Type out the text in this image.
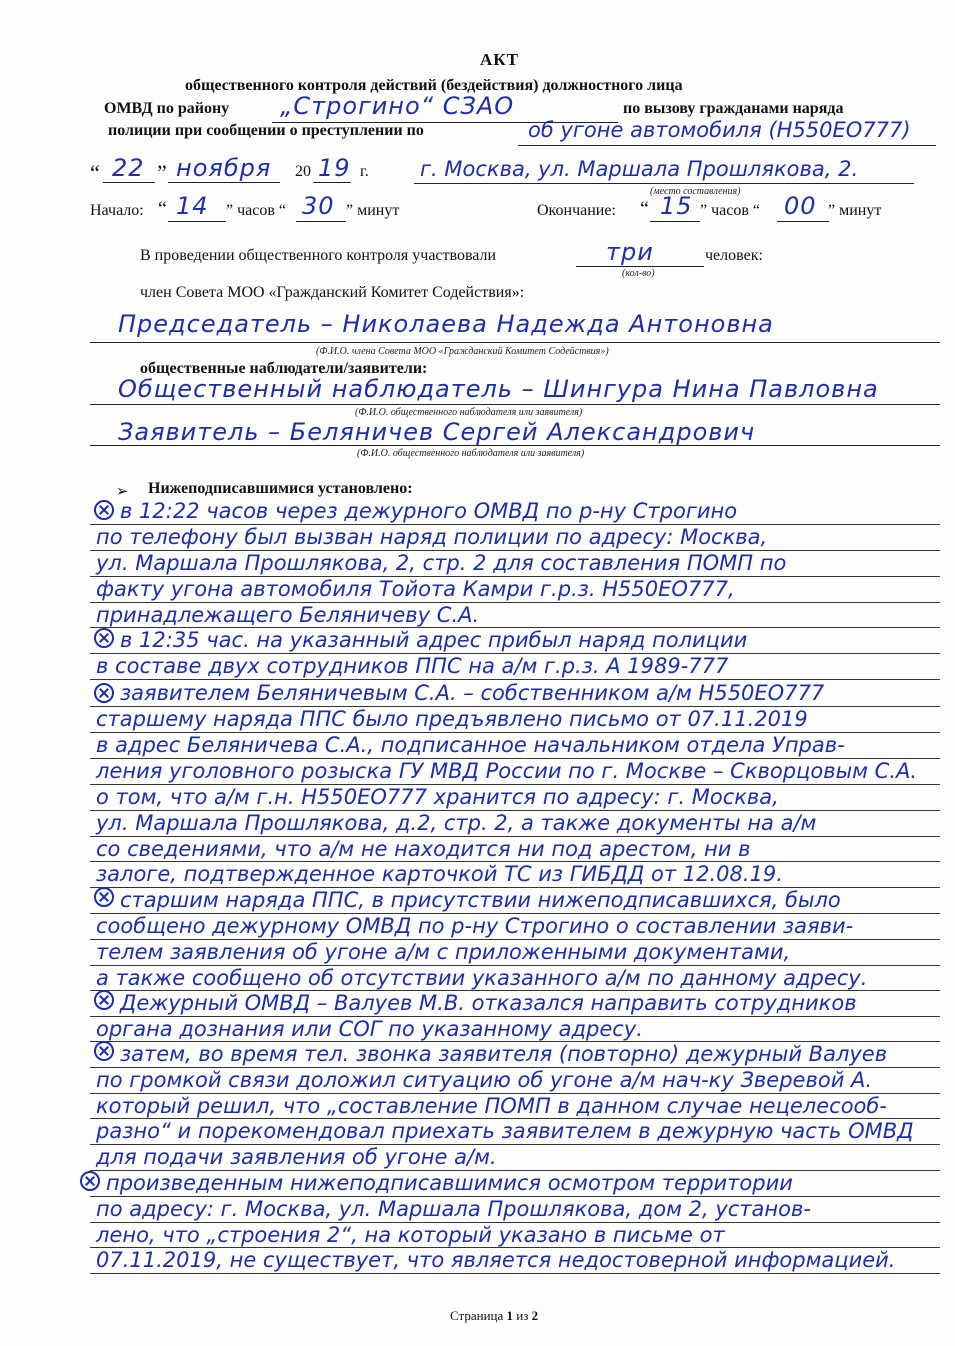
АКТ
общественного контроля действий (бездействия) должностного лица
ОМВД по району „Строгино“ СЗАО	по вызову гражданами наряда
полиции при сообщении о преступлении по	об угоне автомобиля (Н550ЕО777)
“ 22 ” ноября 20 19 г. г. Москва, ул. Маршала Прошлякова, 2.
(место составления)
Начало: “ 14 ” часов “ 30 ” минут	Окончание: “ 15 ” часов “ 00 ” минут
В проведении общественного контроля участвовали	три	человек:
(кол-во)
член Совета МОО «Гражданский Комитет Содействия»:
Председатель – Николаева Надежда Антоновна
(Ф.И.О. члена Совета МОО «Гражданский Комитет Содействия»)
общественные наблюдатели/заявители:
Общественный наблюдатель – Шингура Нина Павловна
(Ф.И.О. общественного наблюдателя или заявителя)
Заявитель – Беляничев Сергей Александрович
(Ф.И.О. общественного наблюдателя или заявителя)
➢ Нижеподписавшимися установлено:
в 12:22 часов через дежурного ОМВД по р-ну Строгино
по телефону был вызван наряд полиции по адресу: Москва,
ул. Маршала Прошлякова, 2, стр. 2 для составления ПОМП по
факту угона автомобиля Тойота Камри г.р.з. Н550ЕО777,
принадлежащего Беляничеву С.А.
в 12:35 час. на указанный адрес прибыл наряд полиции
в составе двух сотрудников ППС на а/м г.р.з. А 1989-777
заявителем Беляничевым С.А. – собственником а/м Н550ЕО777
старшему наряда ППС было предъявлено письмо от 07.11.2019
в адрес Беляничева С.А., подписанное начальником отдела Управ-
ления уголовного розыска ГУ МВД России по г. Москве – Скворцовым С.А.
о том, что а/м г.н. Н550ЕО777 хранится по адресу: г. Москва,
ул. Маршала Прошлякова, д.2, стр. 2, а также документы на а/м
со сведениями, что а/м не находится ни под арестом, ни в
залоге, подтвержденное карточкой ТС из ГИБДД от 12.08.19.
старшим наряда ППС, в присутствии нижеподписавшихся, было
сообщено дежурному ОМВД по р-ну Строгино о составлении заяви-
телем заявления об угоне а/м с приложенными документами,
а также сообщено об отсутствии указанного а/м по данному адресу.
Дежурный ОМВД – Валуев М.В. отказался направить сотрудников
органа дознания или СОГ по указанному адресу.
затем, во время тел. звонка заявителя (повторно) дежурный Валуев
по громкой связи доложил ситуацию об угоне а/м нач-ку Зверевой А.
который решил, что „составление ПОМП в данном случае нецелесооб-
разно“ и порекомендовал приехать заявителем в дежурную часть ОМВД
для подачи заявления об угоне а/м.
произведенным нижеподписавшимися осмотром территории
по адресу: г. Москва, ул. Маршала Прошлякова, дом 2, установ-
лено, что „строения 2“, на который указано в письме от
07.11.2019, не существует, что является недостоверной информацией.
Страница 1 из 2
